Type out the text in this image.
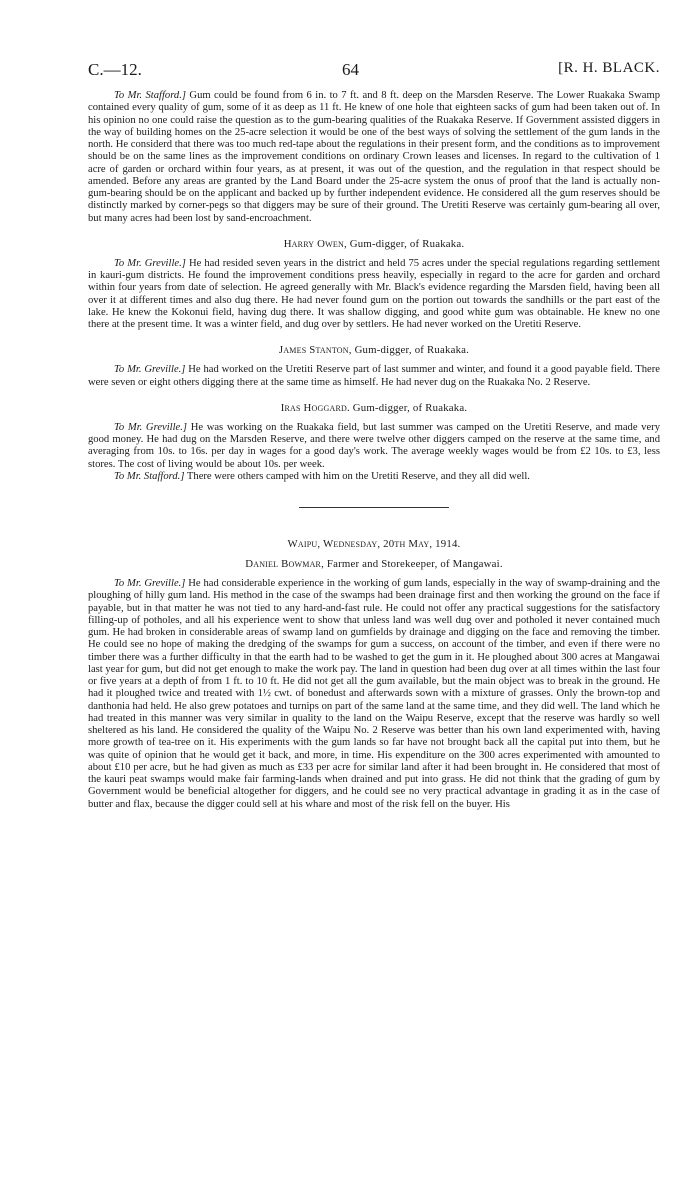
C.—12.	64	[R. H. BLACK.

To Mr. Stafford.] Gum could be found from 6 in. to 7 ft. and 8 ft. deep on the Marsden Reserve. The Lower Ruakaka Swamp contained every quality of gum, some of it as deep as 11 ft. He knew of one hole that eighteen sacks of gum had been taken out of. In his opinion no one could raise the question as to the gum-bearing qualities of the Ruakaka Reserve. If Government assisted diggers in the way of building homes on the 25-acre selection it would be one of the best ways of solving the settlement of the gum lands in the north. He considerd that there was too much red-tape about the regulations in their present form, and the conditions as to improvement should be on the same lines as the improvement conditions on ordinary Crown leases and licenses. In regard to the cultivation of 1 acre of garden or orchard within four years, as at present, it was out of the question, and the regulation in that respect should be amended. Before any areas are granted by the Land Board under the 25-acre system the onus of proof that the land is actually non-gum-bearing should be on the applicant and backed up by further independent evidence. He considered all the gum reserves should be distinctly marked by corner-pegs so that diggers may be sure of their ground. The Uretiti Reserve was certainly gum-bearing all over, but many acres had been lost by sand-encroachment.

Harry Owen, Gum-digger, of Ruakaka.

To Mr. Greville.] He had resided seven years in the district and held 75 acres under the special regulations regarding settlement in kauri-gum districts. He found the improvement conditions press heavily, especially in regard to the acre for garden and orchard within four years from date of selection. He agreed generally with Mr. Black's evidence regarding the Marsden field, having been all over it at different times and also dug there. He had never found gum on the portion out towards the sandhills or the part east of the lake. He knew the Kokonui field, having dug there. It was shallow digging, and good white gum was obtainable. He knew no one there at the present time. It was a winter field, and dug over by settlers. He had never worked on the Uretiti Reserve.

James Stanton, Gum-digger, of Ruakaka.

To Mr. Greville.] He had worked on the Uretiti Reserve part of last summer and winter, and found it a good payable field. There were seven or eight others digging there at the same time as himself. He had never dug on the Ruakaka No. 2 Reserve.

Iras Hoggard. Gum-digger, of Ruakaka.

To Mr. Greville.] He was working on the Ruakaka field, but last summer was camped on the Uretiti Reserve, and made very good money. He had dug on the Marsden Reserve, and there were twelve other diggers camped on the reserve at the same time, and averaging from 10s. to 16s. per day in wages for a good day's work. The average weekly wages would be from £2 10s. to £3, less stores. The cost of living would be about 10s. per week.

To Mr. Stafford.] There were others camped with him on the Uretiti Reserve, and they all did well.

Waipu, Wednesday, 20th May, 1914.
Daniel Bowmar, Farmer and Storekeeper, of Mangawai.

To Mr. Greville.] He had considerable experience in the working of gum lands, especially in the way of swamp-draining and the ploughing of hilly gum land. His method in the case of the swamps had been drainage first and then working the ground on the face if payable, but in that matter he was not tied to any hard-and-fast rule. He could not offer any practical suggestions for the satisfactory filling-up of potholes, and all his experience went to show that unless land was well dug over and potholed it never contained much gum. He had broken in considerable areas of swamp land on gumfields by drainage and digging on the face and removing the timber. He could see no hope of making the dredging of the swamps for gum a success, on account of the timber, and even if there were no timber there was a further difficulty in that the earth had to be washed to get the gum in it. He ploughed about 300 acres at Mangawai last year for gum, but did not get enough to make the work pay. The land in question had been dug over at all times within the last four or five years at a depth of from 1 ft. to 10 ft. He did not get all the gum available, but the main object was to break in the ground. He had it ploughed twice and treated with 1½ cwt. of bonedust and afterwards sown with a mixture of grasses. Only the brown-top and danthonia had held. He also grew potatoes and turnips on part of the same land at the same time, and they did well. The land which he had treated in this manner was very similar in quality to the land on the Waipu Reserve, except that the reserve was hardly so well sheltered as his land. He considered the quality of the Waipu No. 2 Reserve was better than his own land experimented with, having more growth of tea-tree on it. His experiments with the gum lands so far have not brought back all the capital put into them, but he was quite of opinion that he would get it back, and more, in time. His expenditure on the 300 acres experimented with amounted to about £10 per acre, but he had given as much as £33 per acre for similar land after it had been brought in. He considered that most of the kauri peat swamps would make fair farming-lands when drained and put into grass. He did not think that the grading of gum by Government would be beneficial altogether for diggers, and he could see no very practical advantage in grading it as in the case of butter and flax, because the digger could sell at his whare and most of the risk fell on the buyer. His
